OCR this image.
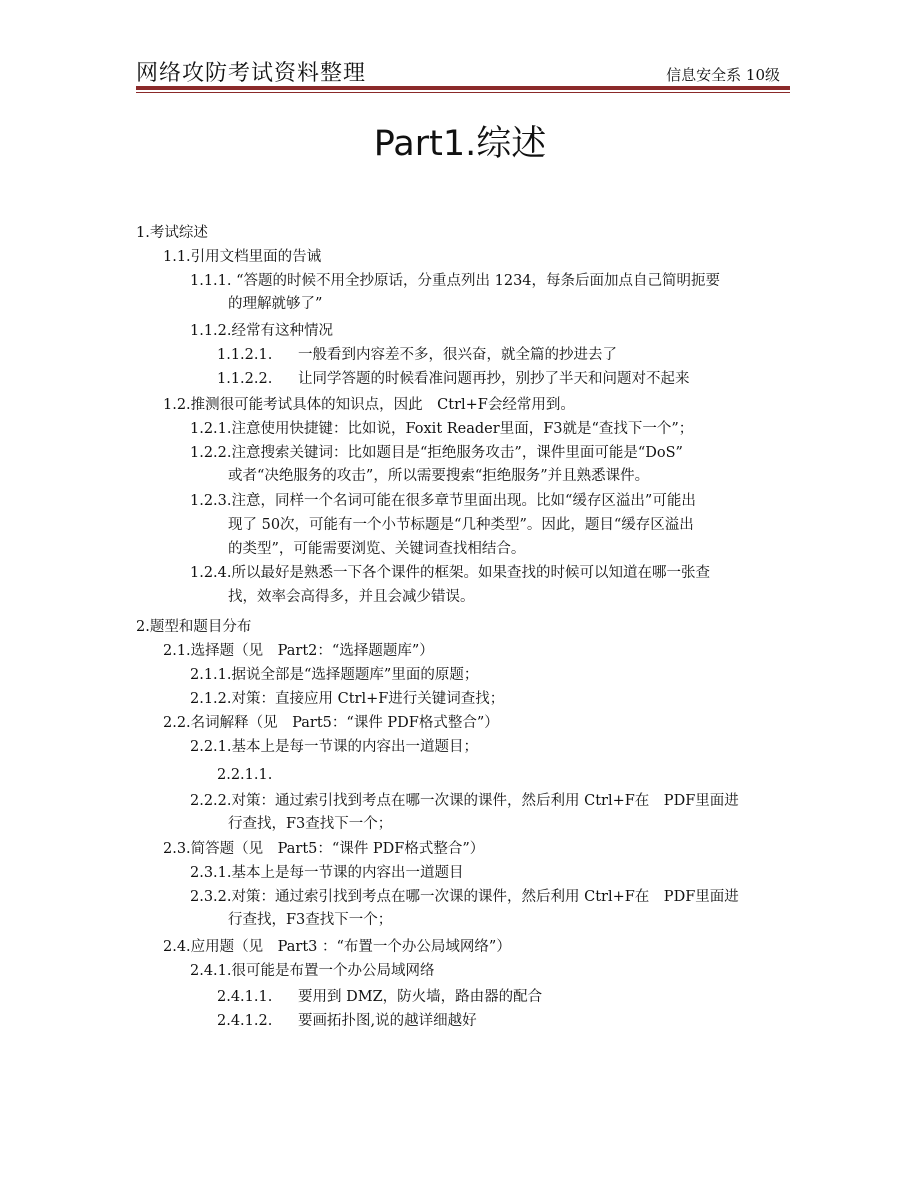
网络攻防考试资料整理	信息安全系 10级
Part1.综述
1.考试综述
1.1.引用文档里面的告诫
1.1.1. “答题的时候不用全抄原话，分重点列出 1234，每条后面加点自己简明扼要
的理解就够了”
1.1.2.经常有这种情况
1.1.2.1. 一般看到内容差不多，很兴奋，就全篇的抄进去了
1.1.2.2. 让同学答题的时候看准问题再抄，别抄了半天和问题对不起来
1.2.推测很可能考试具体的知识点，因此　Ctrl+F会经常用到。
1.2.1.注意使用快捷键：比如说，Foxit Reader里面，F3就是“查找下一个”；
1.2.2.注意搜索关键词：比如题目是“拒绝服务攻击”，课件里面可能是“DoS”
或者“决绝服务的攻击”，所以需要搜索“拒绝服务”并且熟悉课件。
1.2.3.注意，同样一个名词可能在很多章节里面出现。比如“缓存区溢出”可能出
现了 50次，可能有一个小节标题是“几种类型”。因此，题目“缓存区溢出
的类型”，可能需要浏览、关键词查找相结合。
1.2.4.所以最好是熟悉一下各个课件的框架。如果查找的时候可以知道在哪一张查
找，效率会高得多，并且会减少错误。
2.题型和题目分布
2.1.选择题（见　Part2：“选择题题库”）
2.1.1.据说全部是“选择题题库”里面的原题；
2.1.2.对策：直接应用 Ctrl+F进行关键词查找；
2.2.名词解释（见　Part5：“课件 PDF格式整合”）
2.2.1.基本上是每一节课的内容出一道题目；
2.2.1.1.
2.2.2.对策：通过索引找到考点在哪一次课的课件，然后利用 Ctrl+F在　PDF里面进
行查找，F3查找下一个；
2.3.简答题（见　Part5：“课件 PDF格式整合”）
2.3.1.基本上是每一节课的内容出一道题目
2.3.2.对策：通过索引找到考点在哪一次课的课件，然后利用 Ctrl+F在　PDF里面进
行查找，F3查找下一个；
2.4.应用题（见　Part3 ：“布置一个办公局域网络”）
2.4.1.很可能是布置一个办公局域网络
2.4.1.1. 要用到 DMZ，防火墙，路由器的配合
2.4.1.2. 要画拓扑图,说的越详细越好
